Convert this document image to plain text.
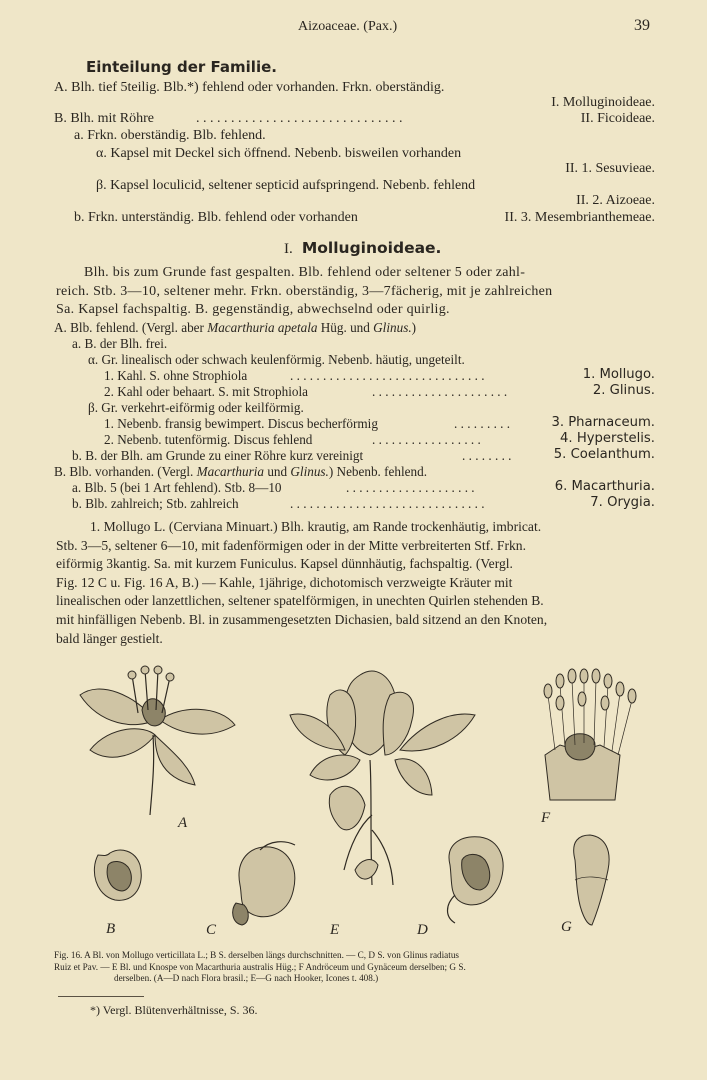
Aizoaceae. (Pax.)	39
Einteilung der Familie.
A. Blh. tief 5teilig. Blb.*) fehlend oder vorhanden. Frkn. oberständig.
I. Molluginoideae.
B. Blh. mit Röhre	. . . . . . . . . . . . . . . . . . . . . . . . . . . . . .	II. Ficoideae.
a. Frkn. oberständig. Blb. fehlend.
α. Kapsel mit Deckel sich öffnend. Nebenb. bisweilen vorhanden
II. 1. Sesuvieae.
β. Kapsel loculicid, seltener septicid aufspringend. Nebenb. fehlend
II. 2. Aizoeae.
b. Frkn. unterständig. Blb. fehlend oder vorhanden	II. 3. Mesembrianthemeae.
I. Molluginoideae.
Blh. bis zum Grunde fast gespalten. Blb. fehlend oder seltener 5 oder zahl-
reich. Stb. 3—10, seltener mehr. Frkn. oberständig, 3—7fächerig, mit je zahlreichen
Sa. Kapsel fachspaltig. B. gegenständig, abwechselnd oder quirlig.
A. Blb. fehlend. (Vergl. aber Macarthuria apetala Hüg. und Glinus.)
a. B. der Blh. frei.
α. Gr. linealisch oder schwach keulenförmig. Nebenb. häutig, ungeteilt.
1. Kahl. S. ohne Strophiola	. . . . . . . . . . . . . . . . . . . . . . . . . . . . . .	1. Mollugo.
2. Kahl oder behaart. S. mit Strophiola	. . . . . . . . . . . . . . . . . . . . .	2. Glinus.
β. Gr. verkehrt-eiförmig oder keilförmig.
1. Nebenb. fransig bewimpert. Discus becherförmig	. . . . . . . . .	3. Pharnaceum.
2. Nebenb. tutenförmig. Discus fehlend	. . . . . . . . . . . . . . . . .	4. Hyperstelis.
b. B. der Blh. am Grunde zu einer Röhre kurz vereinigt	. . . . . . . .	5. Coelanthum.
B. Blb. vorhanden. (Vergl. Macarthuria und Glinus.) Nebenb. fehlend.
a. Blb. 5 (bei 1 Art fehlend). Stb. 8—10	. . . . . . . . . . . . . . . . . . . .	6. Macarthuria.
b. Blb. zahlreich; Stb. zahlreich	. . . . . . . . . . . . . . . . . . . . . . . . . . . . . .	7. Orygia.
1. Mollugo L. (Cerviana Minuart.) Blh. krautig, am Rande trockenhäutig, imbricat.
Stb. 3—5, seltener 6—10, mit fadenförmigen oder in der Mitte verbreiterten Stf. Frkn.
eiförmig 3kantig. Sa. mit kurzem Funiculus. Kapsel dünnhäutig, fachspaltig. (Vergl.
Fig. 12 C u. Fig. 16 A, B.) — Kahle, 1jährige, dichotomisch verzweigte Kräuter mit
linealischen oder lanzettlichen, seltener spatelförmigen, in unechten Quirlen stehenden B.
mit hinfälligen Nebenb. Bl. in zusammengesetzten Dichasien, bald sitzend an den Knoten,
bald länger gestielt.
A
B	C	E	D
F
G
Fig. 16. A Bl. von Mollugo verticillata L.; B S. derselben längs durchschnitten. — C, D S. von Glinus radiatus
Ruiz et Pav. — E Bl. und Knospe von Macarthuria australis Hüg.; F Andröceum und Gynäceum derselben; G S.
derselben. (A—D nach Flora brasil.; E—G nach Hooker, Icones t. 408.)
*) Vergl. Blütenverhältnisse, S. 36.
